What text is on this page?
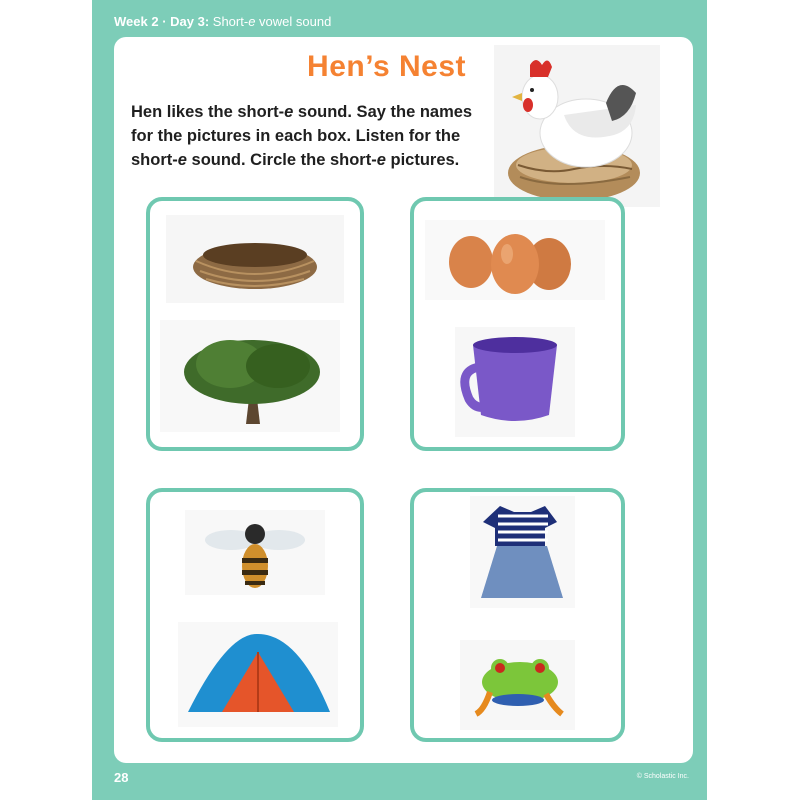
Week 2 · Day 3: Short-e vowel sound
Hen’s Nest
Hen likes the short-e sound. Say the names for the pictures in each box. Listen for the short-e sound. Circle the short-e pictures.
28	© Scholastic Inc.
